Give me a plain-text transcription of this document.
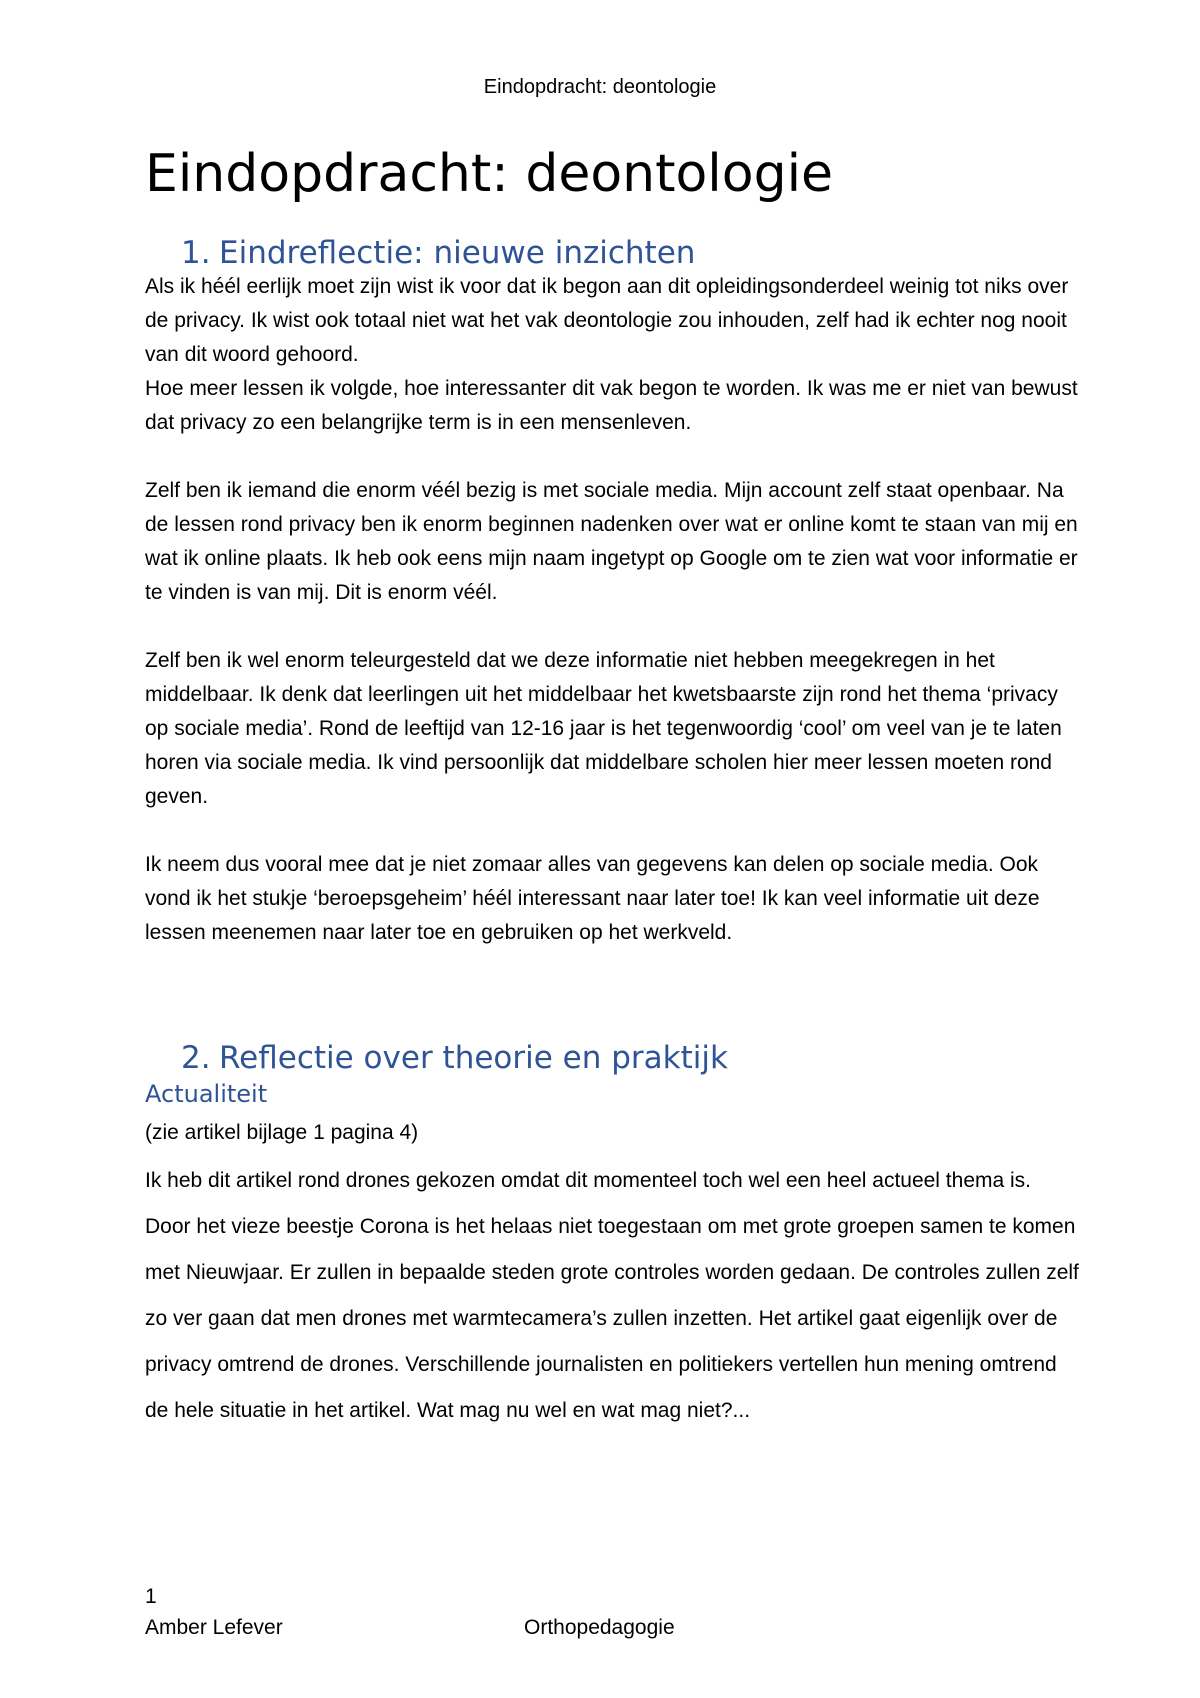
Eindopdracht: deontologie
Eindopdracht: deontologie
1. Eindreflectie: nieuwe inzichten

Als ik héél eerlijk moet zijn wist ik voor dat ik begon aan dit opleidingsonderdeel weinig tot niks over de privacy. Ik wist ook totaal niet wat het vak deontologie zou inhouden, zelf had ik echter nog nooit van dit woord gehoord.

Hoe meer lessen ik volgde, hoe interessanter dit vak begon te worden. Ik was me er niet van bewust dat privacy zo een belangrijke term is in een mensenleven.

Zelf ben ik iemand die enorm véél bezig is met sociale media. Mijn account zelf staat openbaar. Na de lessen rond privacy ben ik enorm beginnen nadenken over wat er online komt te staan van mij en wat ik online plaats. Ik heb ook eens mijn naam ingetypt op Google om te zien wat voor informatie er te vinden is van mij. Dit is enorm véél.

Zelf ben ik wel enorm teleurgesteld dat we deze informatie niet hebben meegekregen in het middelbaar. Ik denk dat leerlingen uit het middelbaar het kwetsbaarste zijn rond het thema ‘privacy op sociale media’. Rond de leeftijd van 12-16 jaar is het tegenwoordig ‘cool’ om veel van je te laten horen via sociale media. Ik vind persoonlijk dat middelbare scholen hier meer lessen moeten rond geven.

Ik neem dus vooral mee dat je niet zomaar alles van gegevens kan delen op sociale media. Ook vond ik het stukje ‘beroepsgeheim’ héél interessant naar later toe! Ik kan veel informatie uit deze lessen meenemen naar later toe en gebruiken op het werkveld.

2. Reflectie over theorie en praktijk
Actualiteit
(zie artikel bijlage 1 pagina 4)

Ik heb dit artikel rond drones gekozen omdat dit momenteel toch wel een heel actueel thema is. Door het vieze beestje Corona is het helaas niet toegestaan om met grote groepen samen te komen met Nieuwjaar. Er zullen in bepaalde steden grote controles worden gedaan. De controles zullen zelf zo ver gaan dat men drones met warmtecamera’s zullen inzetten. Het artikel gaat eigenlijk over de privacy omtrend de drones. Verschillende journalisten en politiekers vertellen hun mening omtrend de hele situatie in het artikel. Wat mag nu wel en wat mag niet?...

1
Amber Lefever	Orthopedagogie
